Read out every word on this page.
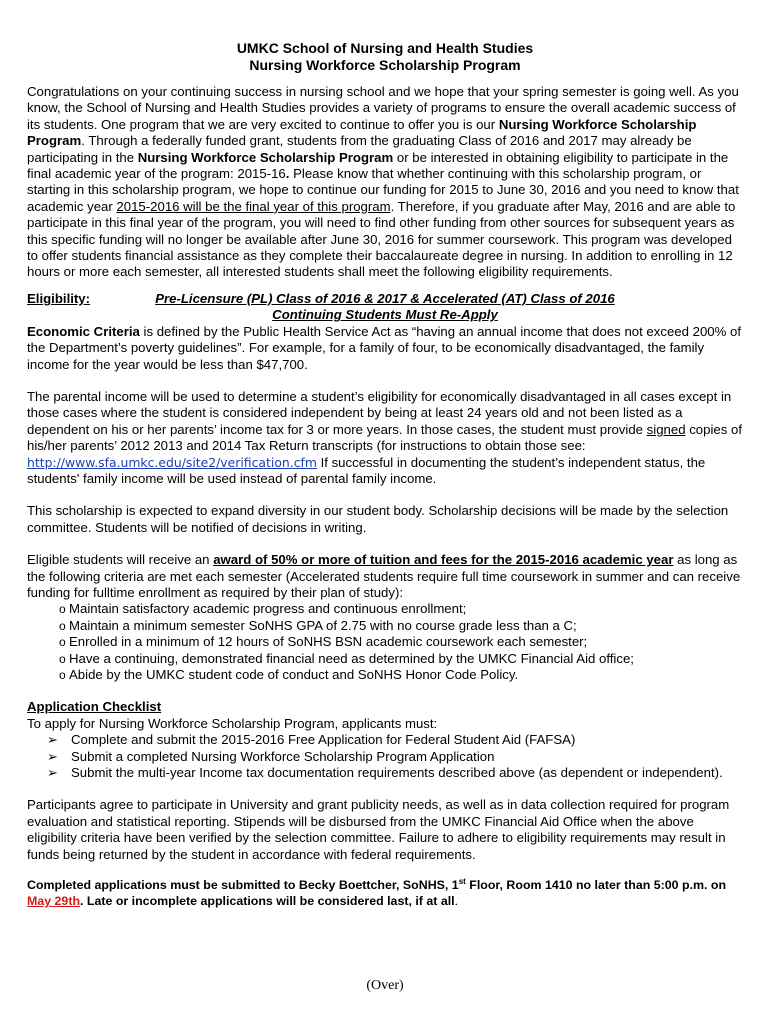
UMKC School of Nursing and Health Studies

Nursing Workforce Scholarship Program

Congratulations on your continuing success in nursing school and we hope that your spring semester is going well. As you know, the School of Nursing and Health Studies provides a variety of programs to ensure the overall academic success of its students. One program that we are very excited to continue to offer you is our Nursing Workforce Scholarship Program. Through a federally funded grant, students from the graduating Class of 2016 and 2017 may already be participating in the Nursing Workforce Scholarship Program or be interested in obtaining eligibility to participate in the final academic year of the program: 2015-16. Please know that whether continuing with this scholarship program, or starting in this scholarship program, we hope to continue our funding for 2015 to June 30, 2016 and you need to know that academic year 2015-2016 will be the final year of this program. Therefore, if you graduate after May, 2016 and are able to participate in this final year of the program, you will need to find other funding from other sources for subsequent years as this specific funding will no longer be available after June 30, 2016 for summer coursework. This program was developed to offer students financial assistance as they complete their baccalaureate degree in nursing. In addition to enrolling in 12 hours or more each semester, all interested students shall meet the following eligibility requirements.

Eligibility:	Pre-Licensure (PL) Class of 2016 & 2017 & Accelerated (AT) Class of 2016
Continuing Students Must Re-Apply

Economic Criteria is defined by the Public Health Service Act as “having an annual income that does not exceed 200% of the Department’s poverty guidelines”. For example, for a family of four, to be economically disadvantaged, the family income for the year would be less than $47,700.

The parental income will be used to determine a student’s eligibility for economically disadvantaged in all cases except in those cases where the student is considered independent by being at least 24 years old and not been listed as a dependent on his or her parents’ income tax for 3 or more years. In those cases, the student must provide signed copies of his/her parents’ 2012 2013 and 2014 Tax Return transcripts (for instructions to obtain those see: http://www.sfa.umkc.edu/site2/verification.cfm If successful in documenting the student’s independent status, the students' family income will be used instead of parental family income.

This scholarship is expected to expand diversity in our student body. Scholarship decisions will be made by the selection committee. Students will be notified of decisions in writing.

Eligible students will receive an award of 50% or more of tuition and fees for the 2015-2016 academic year as long as the following criteria are met each semester (Accelerated students require full time coursework in summer and can receive funding for fulltime enrollment as required by their plan of study):

o Maintain satisfactory academic progress and continuous enrollment;
o Maintain a minimum semester SoNHS GPA of 2.75 with no course grade less than a C;
o Enrolled in a minimum of 12 hours of SoNHS BSN academic coursework each semester;
o Have a continuing, demonstrated financial need as determined by the UMKC Financial Aid office;
o Abide by the UMKC student code of conduct and SoNHS Honor Code Policy.

Application Checklist

To apply for Nursing Workforce Scholarship Program, applicants must:

➢ Complete and submit the 2015-2016 Free Application for Federal Student Aid (FAFSA)
➢ Submit a completed Nursing Workforce Scholarship Program Application
➢ Submit the multi-year Income tax documentation requirements described above (as dependent or independent).

Participants agree to participate in University and grant publicity needs, as well as in data collection required for program evaluation and statistical reporting. Stipends will be disbursed from the UMKC Financial Aid Office when the above eligibility criteria have been verified by the selection committee. Failure to adhere to eligibility requirements may result in funds being returned by the student in accordance with federal requirements.

Completed applications must be submitted to Becky Boettcher, SoNHS, 1st Floor, Room 1410 no later than 5:00 p.m. on May 29th. Late or incomplete applications will be considered last, if at all.

(Over)
